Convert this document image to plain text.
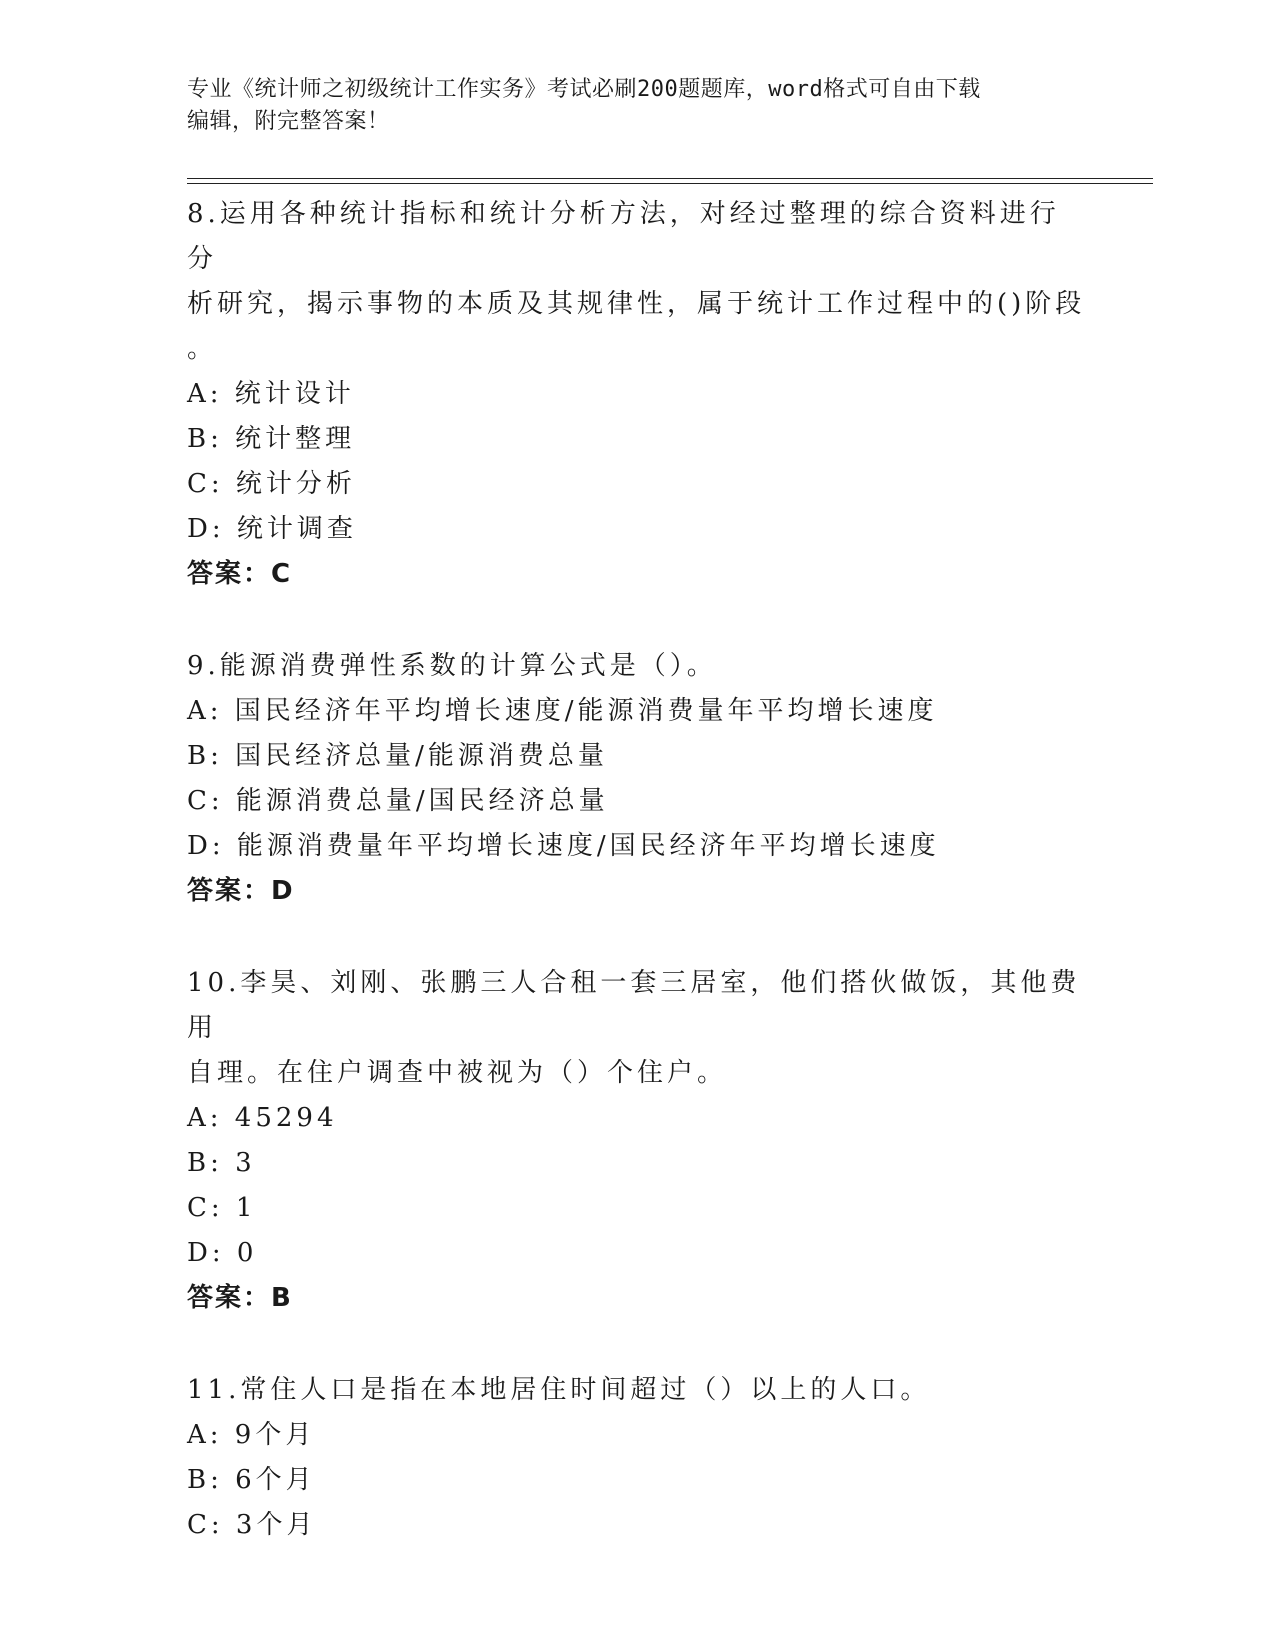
专业《统计师之初级统计工作实务》考试必刷200题题库，word格式可自由下载
编辑，附完整答案！
8.运用各种统计指标和统计分析方法，对经过整理的综合资料进行分
析研究，揭示事物的本质及其规律性，属于统计工作过程中的()阶段
。
A: 统计设计
B: 统计整理
C: 统计分析
D: 统计调查
答案：C
9.能源消费弹性系数的计算公式是（）。
A: 国民经济年平均增长速度/能源消费量年平均增长速度
B: 国民经济总量/能源消费总量
C: 能源消费总量/国民经济总量
D: 能源消费量年平均增长速度/国民经济年平均增长速度
答案：D
10.李昊、刘刚、张鹏三人合租一套三居室，他们搭伙做饭，其他费用
自理。在住户调查中被视为（）个住户。
A: 45294
B: 3
C: 1
D: 0
答案：B
11.常住人口是指在本地居住时间超过（）以上的人口。
A: 9个月
B: 6个月
C: 3个月
